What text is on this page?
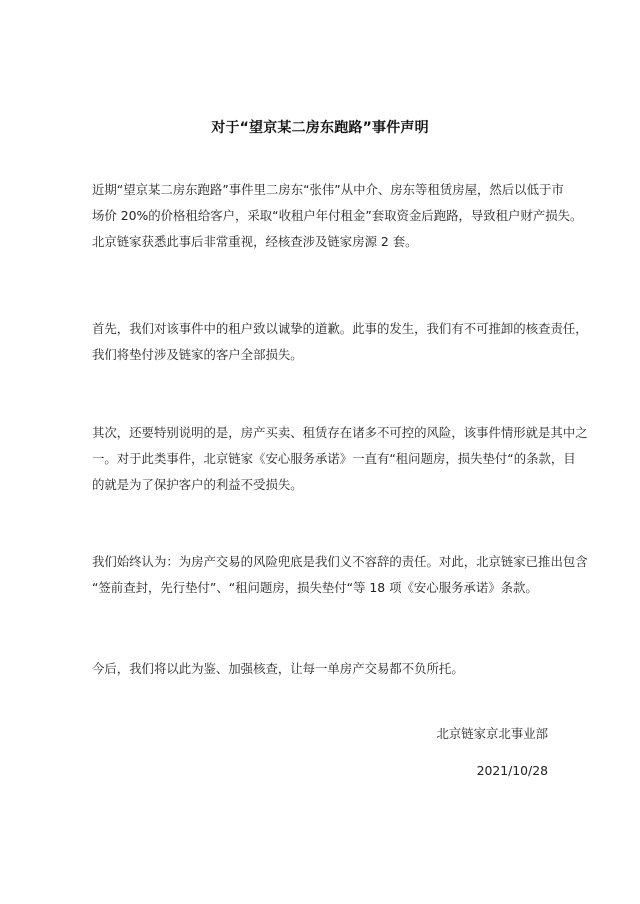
对于“望京某二房东跑路”事件声明
近期“望京某二房东跑路”事件里二房东“张伟”从中介、房东等租赁房屋，然后以低于市
场价 20%的价格租给客户，采取“收租户年付租金”套取资金后跑路，导致租户财产损失。
北京链家获悉此事后非常重视，经核查涉及链家房源 2 套。
首先，我们对该事件中的租户致以诚挚的道歉。此事的发生，我们有不可推卸的核查责任，
我们将垫付涉及链家的客户全部损失。
其次，还要特别说明的是，房产买卖、租赁存在诸多不可控的风险，该事件情形就是其中之
一。对于此类事件，北京链家《安心服务承诺》一直有“租问题房，损失垫付“的条款，目
的就是为了保护客户的利益不受损失。
我们始终认为：为房产交易的风险兜底是我们义不容辞的责任。对此，北京链家已推出包含
“签前查封，先行垫付”、“租问题房，损失垫付“等 18 项《安心服务承诺》条款。
今后，我们将以此为鉴、加强核查，让每一单房产交易都不负所托。
北京链家京北事业部
2021/10/28
